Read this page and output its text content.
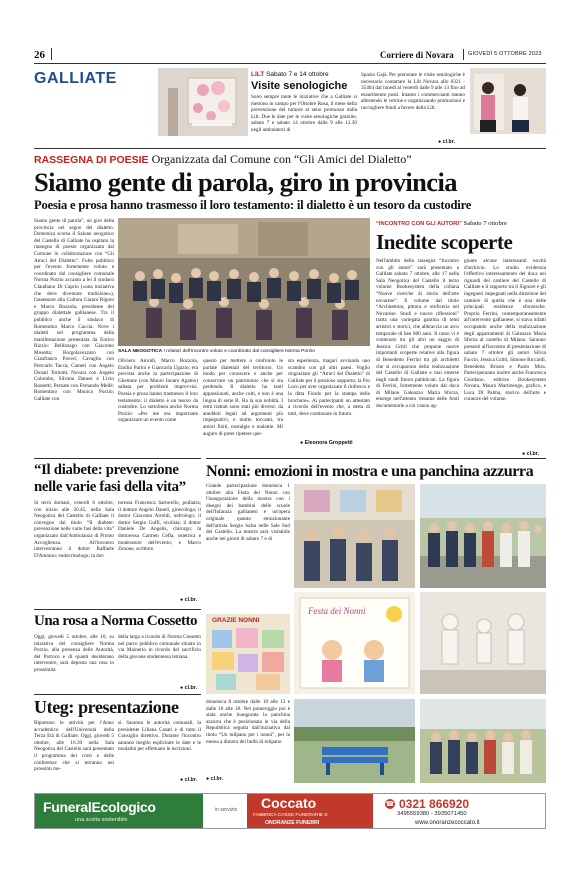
26	Corriere di Novara	GIOVEDÌ 5 OTTOBRE 2023
GALLIATE	LILT Sabato 7 e 14 ottobre
Visite senologiche
Sono sempre tante le iniziative che a Galliate si mettono in campo per l'Ottobre Rosa, il mese della prevenzione del tumore al seno promosso dalla Lilt. Due le date per le visite senologiche gratuite, sabato 7 e sabato 14 ottobre dalle 9 alle 12.30 negli ambulatori di
Spazio Gajà. Per prenotare le visite senologiche è necessario contattare la Lilt Novara allo 0321 - 35404 dal lunedì al venerdì dalle 9 alle 13 fino ad esaurimento posti. Intanto i commercianti stanno allestendo le vetrine e organizzando promozioni e raccogliere fondi a favore della Lilt.
● cl.br.
RASSEGNA DI POESIE Organizzata dal Comune con “Gli Amici del Dialetto”
Siamo gente di parola, giro in provincia
Poesia e prosa hanno trasmesso il loro testamento: il dialetto è un tesoro da custodire
Siamo gente di parola”, un giro della provincia nel segno del dialetto. Domenica scorsa il Salone neogotico del Castello di Galliate ha ospitato la rassegna di poesie organizzata dal Comune in collaborazione con “Gli Amici del Dialetto”. Folto pubblico per l'evento fortemente voluto e coordinato dal consigliere comunale Norma Porzio accanto a lei il sindaco Claudiano Di Caprio («una iniziativa che deve diventare tradizione»), l'assessore alla Cultura Gianni Rigoni e Marco Bozzola, presidente del gruppo dialettale gallianese. Tra il pubblico anche il sindaco di Romentino Marco Caccia. Nove i dialetti nel programma della manifestazione presentata da Enrico Rizzio: Bellinzago con Giacomo Mosetta; Borgolavezzaro con Gianfranco Paveri; Cavaglio con Piercarlo Tacca; Cameri con Angelo Donati Tornotti, Novara con Angelo Colombo, Silvana Danesi e Livio Rossetti; Pernate con Fernando Mellè; Romentino con Monica Porzio; Galliate con
SALA NEOGOTICA I relatori dell'incontro voluto e coordinato dal consigliere Norma Porzio
Oliviero Airoldi, Marco Bozzola, Emilio Parini e Giancarla Ugazio; era prevista anche la partecipazione di Ghemme (con Mauro Innaro Agabio) saltata per problemi improvvisi. Poesia e prosa hanno trasmesso il loro testamento: il dialetto è un tesoro da custodire. Lo sottolinea anche Norma Porzio: «Per me era importante organizzare un evento come
questo per mettere a confronto le parlate dialettali del territorio. Un modo per conoscere e anche per conservare un patrimonio che si sta perdendo. Il dialetto ha tanti appassionati, anche colti, e non è una lingua di serie B. Ha la sua nobiltà. I temi trattati sono stati più diversi: da aneddoti legati ad argomenti più impegnativi, e molto toccanti, tra amori finiti, nostalgie e malattie. Mi auguro di poter ripetere que-
sta esperienza, magari avviando uno scambio con gli altri paesi. Voglio ringraziare gli “Amici del Dialetto” di Galliate per il prezioso supporto; la Pro Loco per aver organizzato il rinfresco e la ditta Fiordo per la stampa della brochure». Ai partecipanti un attestato a ricordo dell'evento che, a detta di tutti, deve continuare in futuro.
● Eleonora Groppetti
“INCONTRO CON GLI AUTORI” Sabato 7 ottobre
Inedite scoperte
Nell'ambito della rassegna “Incontro con gli autori” sarà presentato a Galliate sabato 7 ottobre, alle 17 nella Sala Neogotica del Castello il terzo volume Bookesystem della collana “Nuove ricerche di storia dell'arte novarese”. Il volume dal titolo “Architettura, pittura e oreficeria nel Novarese. Studi e nuove riflessioni” tratta una variegata gamma di temi artistici e storici, che abbraccia un arco temporale di ben 800 anni. Il rasso vi è contenuto tra gli altri un saggio di Jessica Gritti che propone nuove importanti scoperte relative alla figura di Benedetto Ferrini tra gli architetti che si occuparono della realizzazione del Castello di Galliate e mai emerse negli studi finora pubblicati. La figura di Ferrini, fortemente voluto dal duca di Milano Galeazzo Maria Sforza, emerge nell'attento riesame delle fonti documentarie a cui vanno ag-
giunte alcune interessanti novità d'archivio. Lo studio evidenzia l'effettivo interessamento del duca nei riguardi del cantiere del Castello di Galliate e il rapporto tra il Signore e gli ingegneri impegnati nella direzione del cantiere di quella che è una delle principali residenze sforzesche. Proprio Ferrini, contemporaneamente all'intervento gallianese, si stava infatti occupando anche della realizzazione degli appartamenti di Galeazzo Maria Sforza al castello di Milano. Saranno presenti all'incontro di presentazione di sabato 7 ottobre gli autori Silvia Faccin, Jessica Gritti, Simone Riccardi, Benedetta Brison e Paolo Mira. Parteciperanno inoltre anche Francesca Giordano, editrice Bookesystem Novara, Mauro Martinengo, grafico, e Luca Di Palma, storico dell'arte e curatore del volume.
● cl.br.
“Il diabete: prevenzione nelle varie fasi della vita”
Si terrà domani, venerdì 6 ottobre, con inizio alle 20.45, nella Sala Neogotica del Castello di Galliate il convegno dal titolo “Il diabete: prevenzione nelle varie fasi della vita” organizzato dall'Ambulanza di Pronto Accoglienza. All'incontro interverranno il dottor Raffaele D'Antonio; endocrinologo; la dot-
toressa Francesca Sartorello, podiatra; il dottore Angelo Daneli, ginecologo; il dottor Giacomo Airoldi, nefrologo; il dottor Sergio Guffi, oculista; il dottor Daniele De Angelis, chirurgo; la dottoressa Carmen Cefla, ostetrica e moderatore dell'evento; e Marco Zenone, scrittore.
● cl.br.
Una rosa a Norma Cossetto
Oggi, giovedì 5 ottobre, alle 10, su iniziativa del consigliere Norma Porzio, alla presenza delle Autorità, del Parroco e di quanti desiderano intervenire, sarà deposta una rosa in prossimità
della targa a ricordo di Norma Cossetto nel parco pubblico comunale situato in via Mainerio in ricordo del sacrificio della giovane studentessa istriana.
● cl.br.
Uteg: presentazione
Ripartono le attività per l'Anno accademico dell'Università della Terza Età di Galliate. Oggi, giovedì 5 ottobre, alle 16.30 nella Sala Neogotica del Castello sarà presentato il programma dei corsi e delle conferenze che si terranno nei prossimi me-
si. Saranno le autorità comunali, la presidente Liliana Casati e di tutto il Consiglio direttivo. Durante l'incontro saranno meglio esplicitate le date e le modalità per effettuare le iscrizioni.
● cl.br.
Nonni: emozioni in mostra e una panchina azzurra
Grande partecipazione domenica 1 ottobre alla Festa dei Nonni con l'inaugurazione della mostra con i disegni dei bambini delle scuole dell'Infanzia gallianesi e un'opera originale quanto emozionante dell'artista Sergio Salsa nelle Sale Sud del Castello. La mostra sarà visitabile anche nei giorni di sabato 7 e di
GRAZIE NONNI
Festa dei Nonni
domenica 8 ottobre dalle 10 alle 12 e dalle 16 alle 18. Nel pomeriggio poi è stata anche inaugurata la panchina azzurra che è posizionata in via della Repubblica seguita dall'iniziativa dal titolo “Un tulipano per i nonni”, per la messa a dimora dei bulbi di tulipano
● cl.br.
FuneralEcologico
una scelta sostenibile
in servizio Coccato
FABBRICA CASSE FUNERARIE E
ONORANZE FUNEBRI
☎ 0321 866920
3495559380 - 3935071450
www.onoranzecoccato.it
